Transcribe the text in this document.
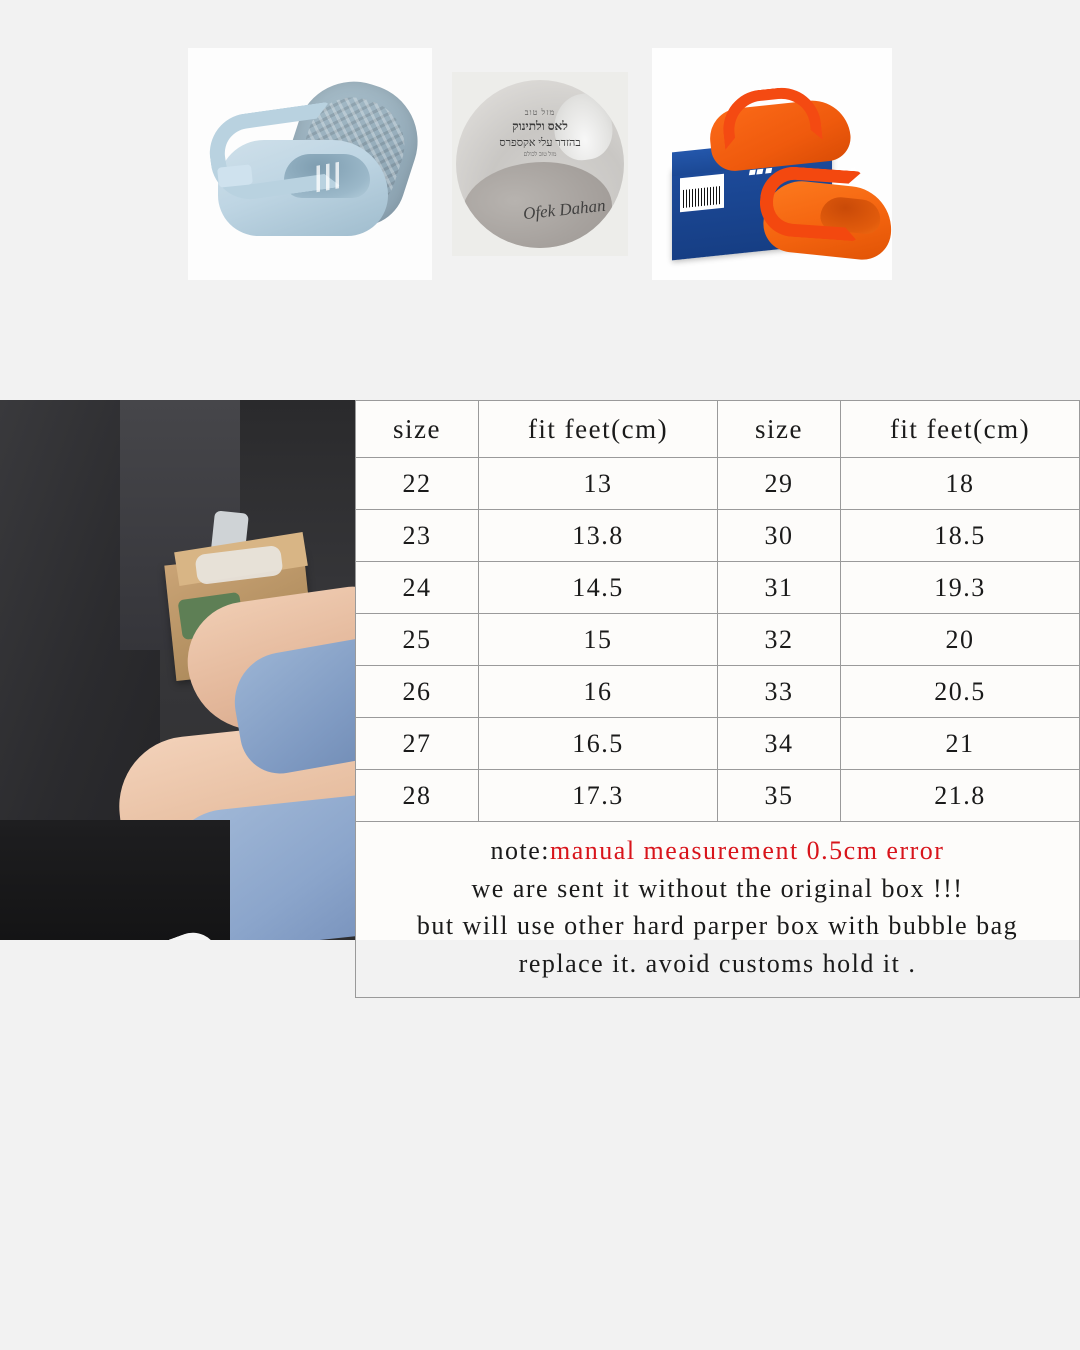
מזל טוב
לאס ולתינוק
בהזדר עלי אקספרס
מזל טוב לכולם
Ofek Dahan
size	fit feet(cm)	size	fit feet(cm)
22	13	29	18
23	13.8	30	18.5
24	14.5	31	19.3
25	15	32	20
26	16	33	20.5
27	16.5	34	21
28	17.3	35	21.8

note:manual measurement 0.5cm error
we are sent it without the original box !!!
but will use other hard parper box with bubble bag
replace it. avoid customs hold it .			
